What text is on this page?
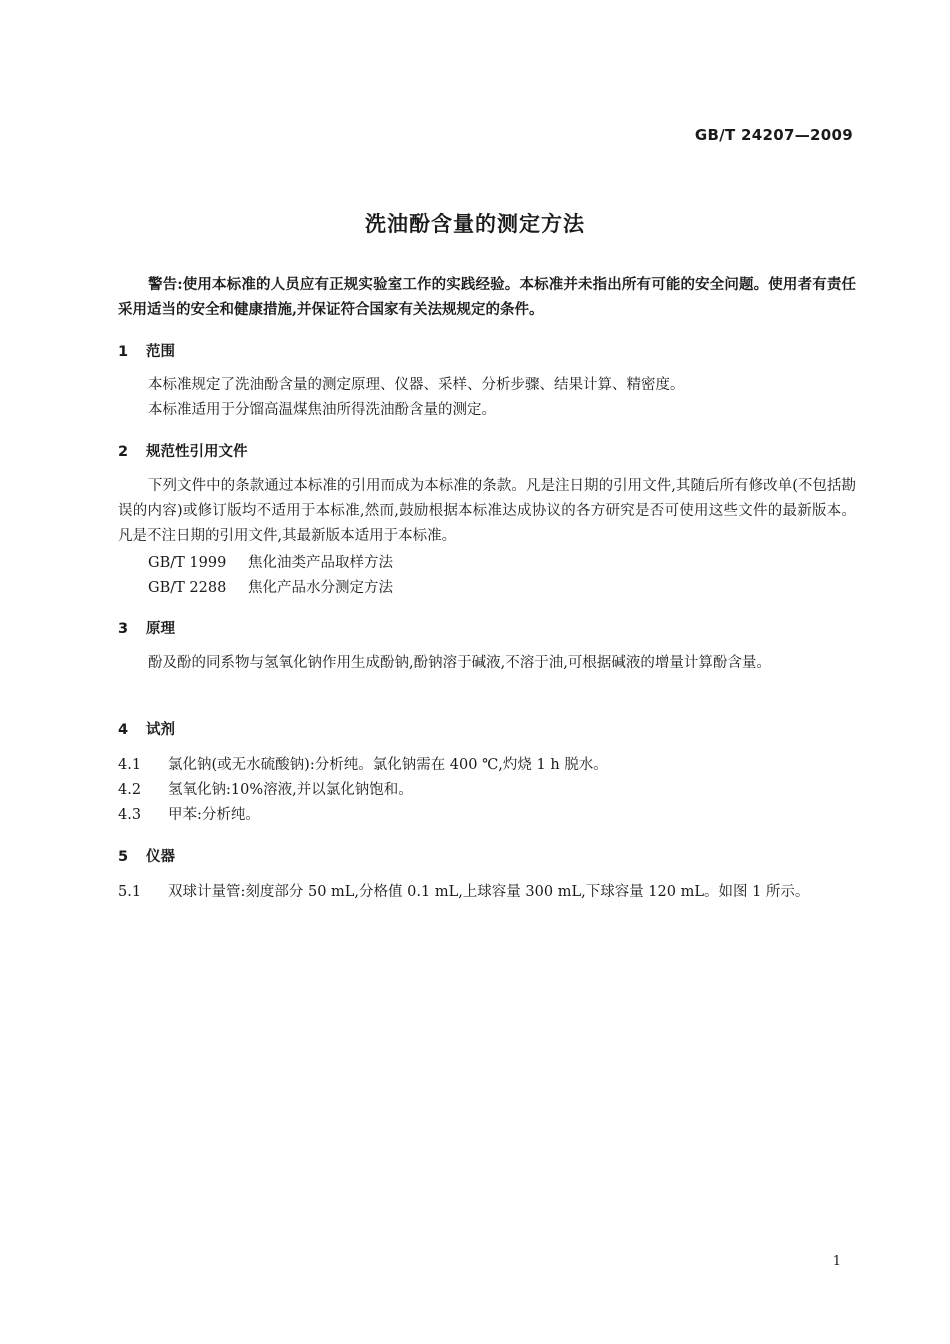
GB/T 24207—2009
洗油酚含量的测定方法
警告:使用本标准的人员应有正规实验室工作的实践经验。本标准并未指出所有可能的安全问题。使用者有责任采用适当的安全和健康措施,并保证符合国家有关法规规定的条件。
1 范围
本标准规定了洗油酚含量的测定原理、仪器、采样、分析步骤、结果计算、精密度。
本标准适用于分馏高温煤焦油所得洗油酚含量的测定。
2 规范性引用文件
下列文件中的条款通过本标准的引用而成为本标准的条款。凡是注日期的引用文件,其随后所有修改单(不包括勘误的内容)或修订版均不适用于本标准,然而,鼓励根据本标准达成协议的各方研究是否可使用这些文件的最新版本。凡是不注日期的引用文件,其最新版本适用于本标准。
GB/T 1999 焦化油类产品取样方法
GB/T 2288 焦化产品水分测定方法
3 原理
酚及酚的同系物与氢氧化钠作用生成酚钠,酚钠溶于碱液,不溶于油,可根据碱液的增量计算酚含量。
4 试剂
4.1 氯化钠(或无水硫酸钠):分析纯。氯化钠需在 400 ℃,灼烧 1 h 脱水。
4.2 氢氧化钠:10%溶液,并以氯化钠饱和。
4.3 甲苯:分析纯。
5 仪器
5.1 双球计量管:刻度部分 50 mL,分格值 0.1 mL,上球容量 300 mL,下球容量 120 mL。如图 1 所示。
1
